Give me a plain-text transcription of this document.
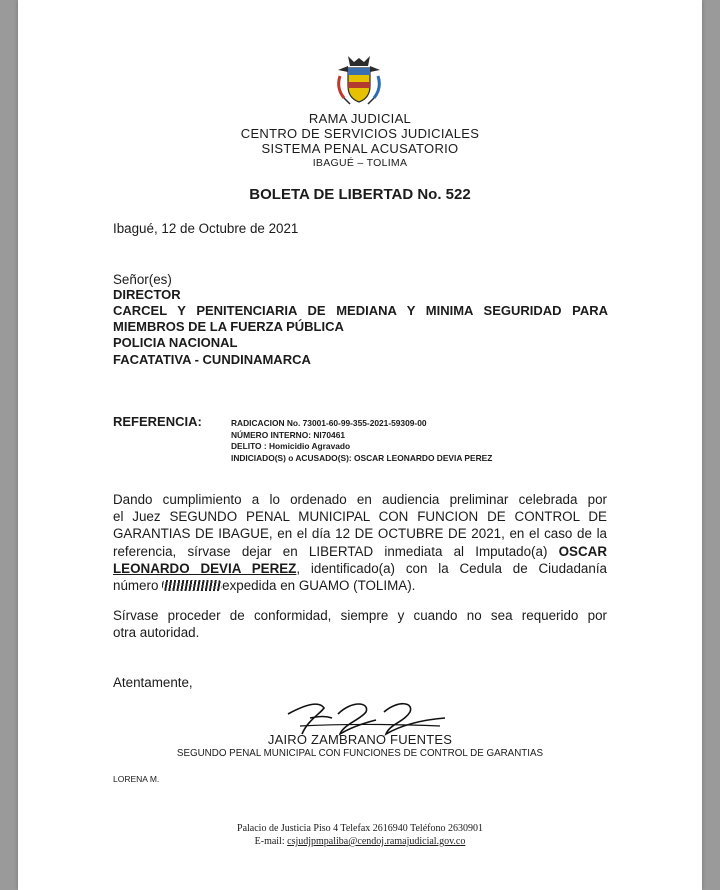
RAMA JUDICIAL
CENTRO DE SERVICIOS JUDICIALES
SISTEMA PENAL ACUSATORIO
IBAGUÉ – TOLIMA
BOLETA DE LIBERTAD No. 522
Ibagué, 12 de Octubre de 2021
Señor(es)
DIRECTOR
CARCEL Y PENITENCIARIA DE MEDIANA Y MINIMA SEGURIDAD PARA
MIEMBROS DE LA FUERZA PÚBLICA
POLICIA NACIONAL
FACATATIVA - CUNDINAMARCA
REFERENCIA:	RADICACION No. 73001-60-99-355-2021-59309-00
NÚMERO INTERNO: NI70461
DELITO : Homicidio Agravado
INDICIADO(S) o ACUSADO(S): OSCAR LEONARDO DEVIA PEREZ
Dando cumplimiento a lo ordenado en audiencia preliminar celebrada por
el Juez SEGUNDO PENAL MUNICIPAL CON FUNCION DE CONTROL DE
GARANTIAS DE IBAGUE, en el día 12 DE OCTUBRE DE 2021, en el caso de la
referencia, sírvase dejar en LIBERTAD inmediata al Imputado(a) OSCAR
LEONARDO DEVIA PEREZ, identificado(a) con la Cedula de Ciudadanía
número	expedida en GUAMO (TOLIMA).
Sírvase proceder de conformidad, siempre y cuando no sea requerido por
otra autoridad.
Atentamente,
JAIRO ZAMBRANO FUENTES
SEGUNDO PENAL MUNICIPAL CON FUNCIONES DE CONTROL DE GARANTIAS
LORENA M.
Palacio de Justicia Piso 4 Telefax 2616940 Teléfono 2630901
E-mail: csjudjpmpaliba@cendoj.ramajudicial.gov.co
